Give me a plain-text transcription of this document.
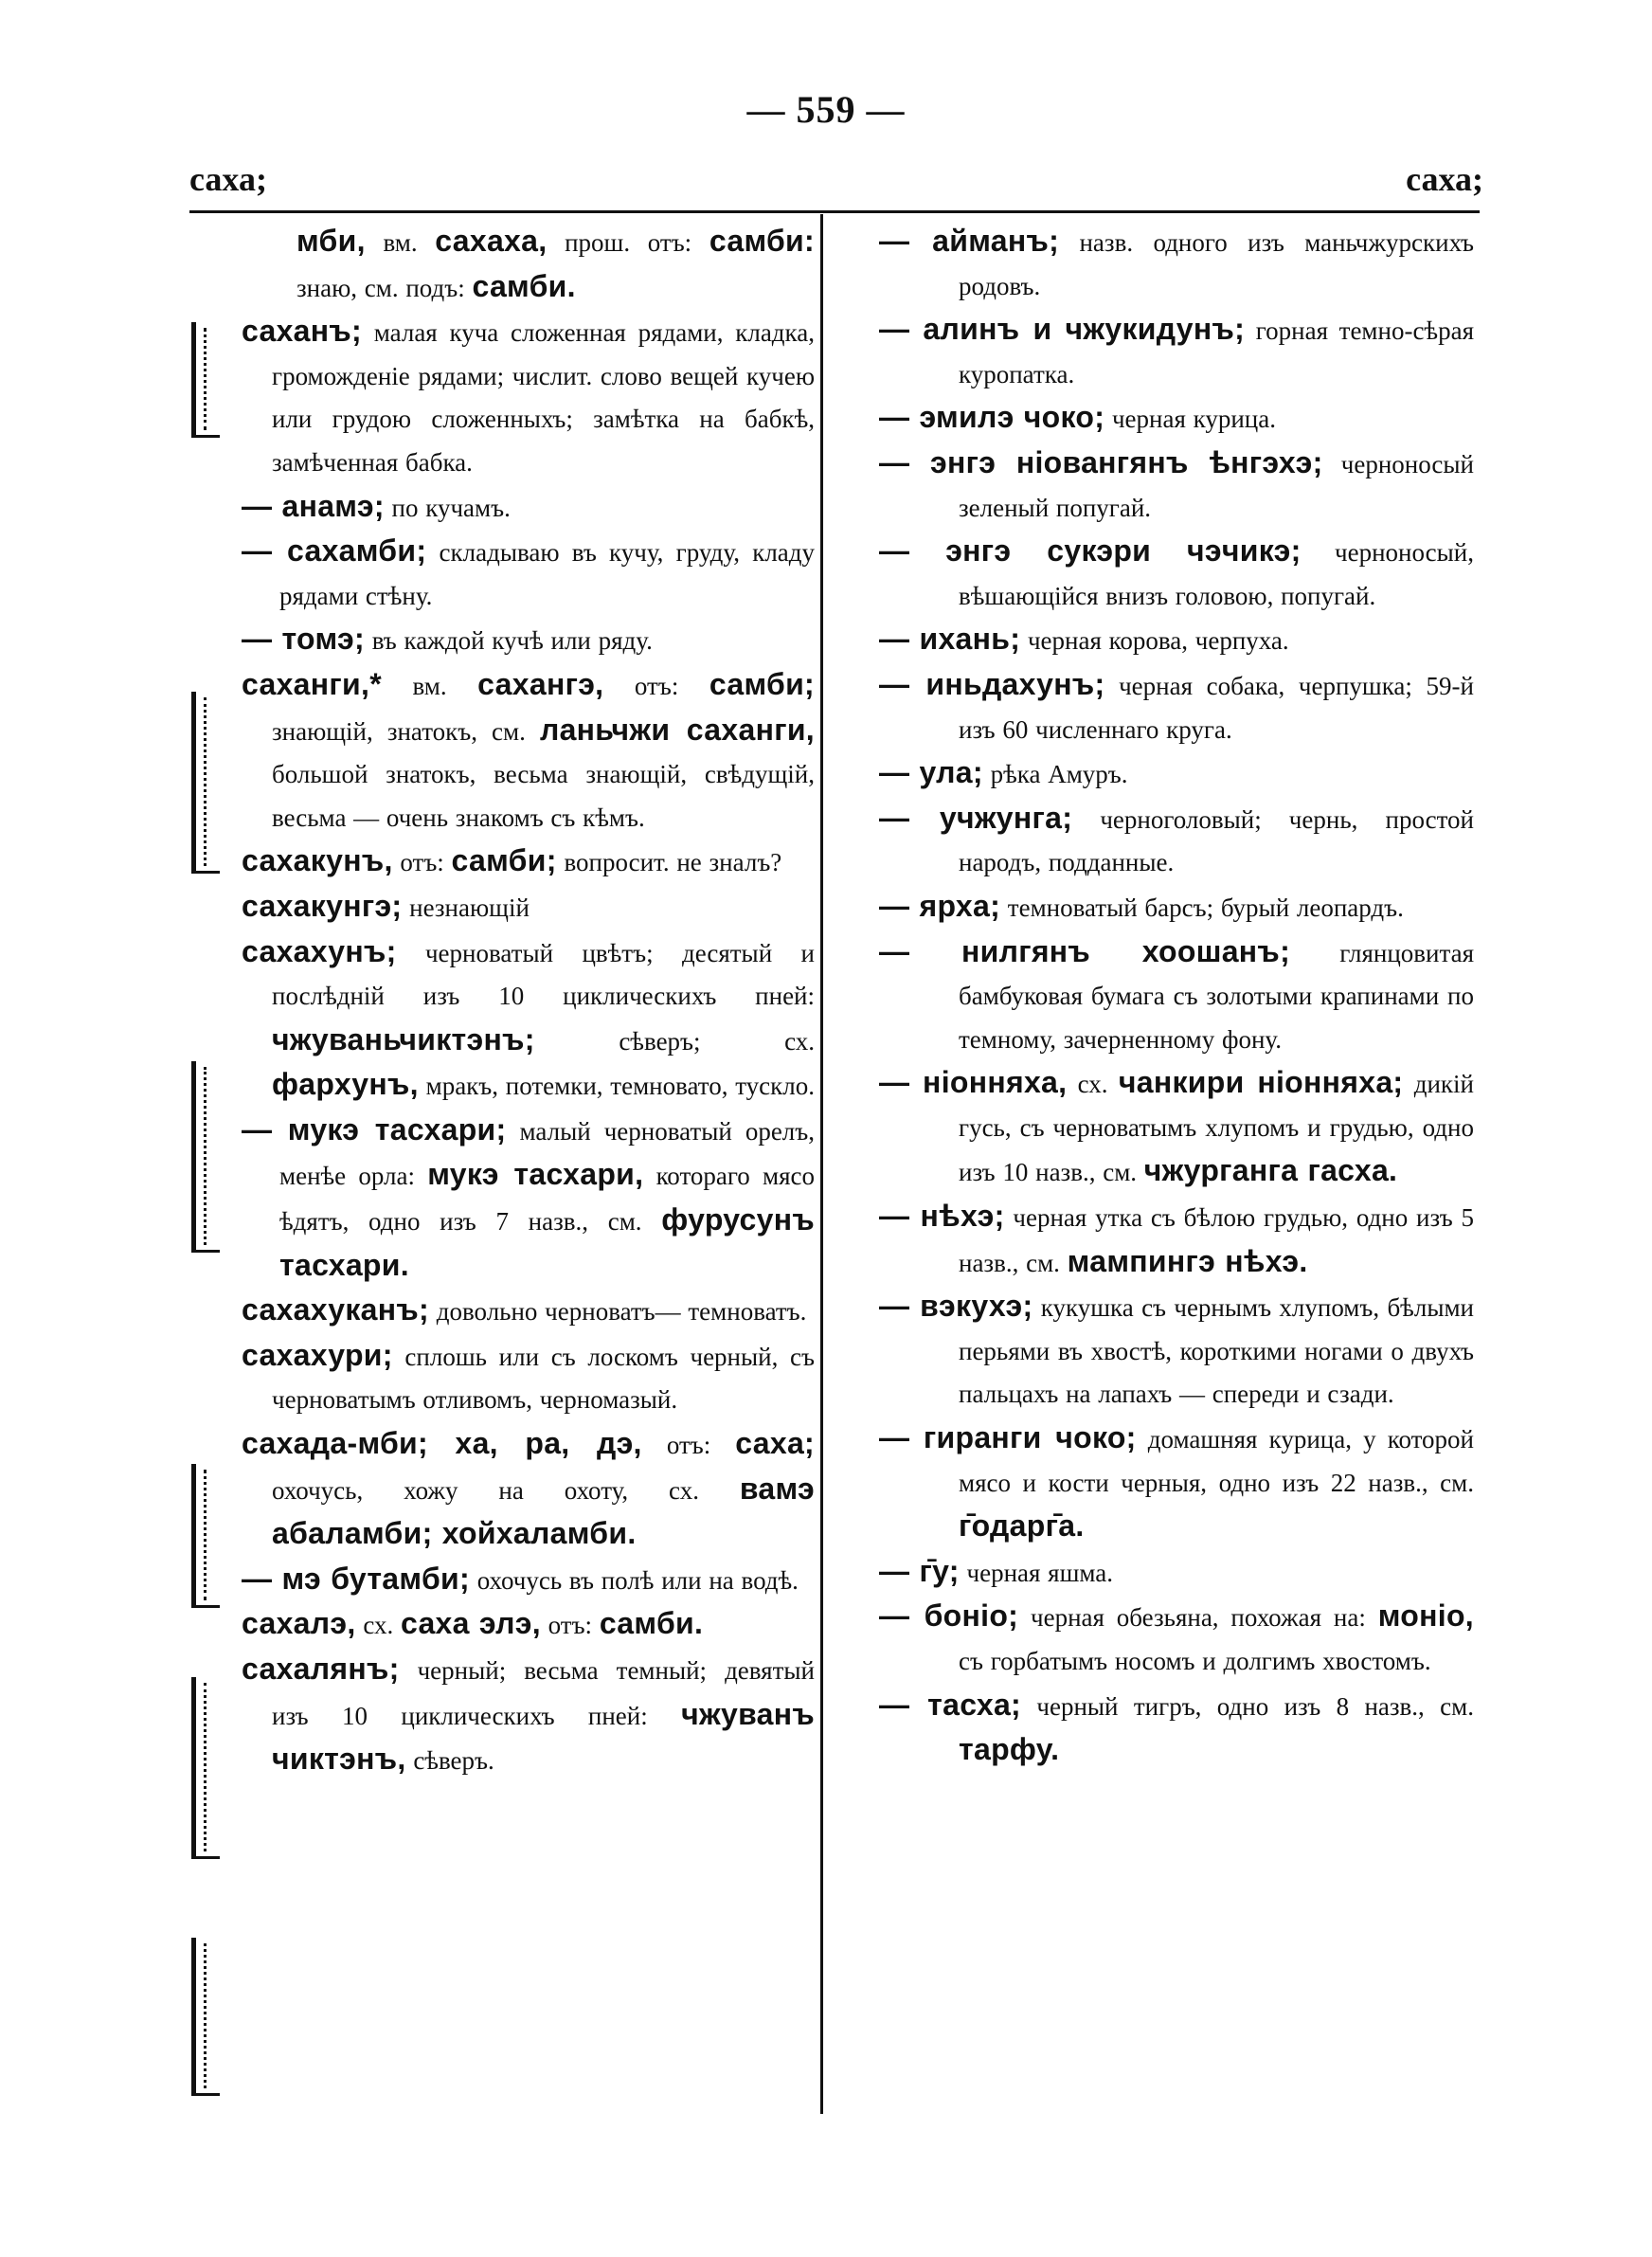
— 559 —
саха;	саха;
мби, вм. сахаха, прош. отъ: самби: знаю, см. подъ: самби.
саханъ; малая куча сложенная рядами, кладка, громожденіе рядами; числит. слово вещей кучею или грудою сложенныхъ; замѣтка на бабкѣ, замѣченная бабка.
— анамэ; по кучамъ.
— сахамби; складываю въ кучу, груду, кладу рядами стѣну.
— томэ; въ каждой кучѣ или ряду.
саханги,* вм. сахангэ, отъ: самби; знающій, знатокъ, см. ланьчжи саханги, большой знатокъ, весьма знающій, свѣдущій, весьма — очень знакомъ съ кѣмъ.
сахакунъ, отъ: самби; вопросит. не зналъ?
сахакунгэ; незнающій
сахахунъ; черноватый цвѣтъ; десятый и послѣдній изъ 10 циклическихъ пней: чжуваньчиктэнъ; сѣверъ; сх. фархунъ, мракъ, потемки, темновато, тускло.
— мукэ тасхари; малый черноватый орелъ, менѣе орла: мукэ тасхари, котораго мясо ѣдятъ, одно изъ 7 назв., см. фурусунъ тасхари.
сахахуканъ; довольно черноватъ— темноватъ.
сахахури; сплошь или съ лоскомъ черный, съ черноватымъ отливомъ, черномазый.
сахада-мби; ха, ра, дэ, отъ: саха; охочусь, хожу на охоту, сх. вамэ абаламби; хойхаламби.
— мэ бутамби; охочусь въ полѣ или на водѣ.
сахалэ, сх. саха элэ, отъ: самби.
сахалянъ; черный; весьма темный; девятый изъ 10 циклическихъ пней: чжуванъ чиктэнъ, сѣверъ.
— айманъ; назв. одного изъ маньчжурскихъ родовъ.
— алинъ и чжукидунъ; горная темно-сѣрая куропатка.
— эмилэ чоко; черная курица.
— энгэ ніовангянъ ѣнгэхэ; черноносый зеленый попугай.
— энгэ сукэри чэчикэ; черноносый, вѣшающійся внизъ головою, попугай.
— ихань; черная корова, черпуха.
— иньдахунъ; черная собака, черпушка; 59-й изъ 60 численнаго круга.
— ула; рѣка Амуръ.
— учжунга; черноголовый; чернь, простой народъ, подданные.
— ярха; темноватый барсъ; бурый леопардъ.
— нилгянъ хоошанъ; глянцовитая бамбуковая бумага съ золотыми крапинами по темному, зачерненному фону.
— ніонняха, сх. чанкири ніонняха; дикій гусь, съ черноватымъ хлупомъ и грудью, одно изъ 10 назв., см. чжурганга гасха.
— нѣхэ; черная утка съ бѣлою грудью, одно изъ 5 назв., см. мампингэ нѣхэ.
— вэкухэ; кукушка съ чернымъ хлупомъ, бѣлыми перьями въ хвостѣ, короткими ногами о двухъ пальцахъ на лапахъ — спереди и сзади.
— гиранги чоко; домашняя курица, у которой мясо и кости черныя, одно изъ 22 назв., см. г̄одарг̄а.
— г̄у; черная яшма.
— боніо; черная обезьяна, похожая на: моніо, съ горбатымъ носомъ и долгимъ хвостомъ.
— тасха; черный тигръ, одно изъ 8 назв., см. тарфу.
